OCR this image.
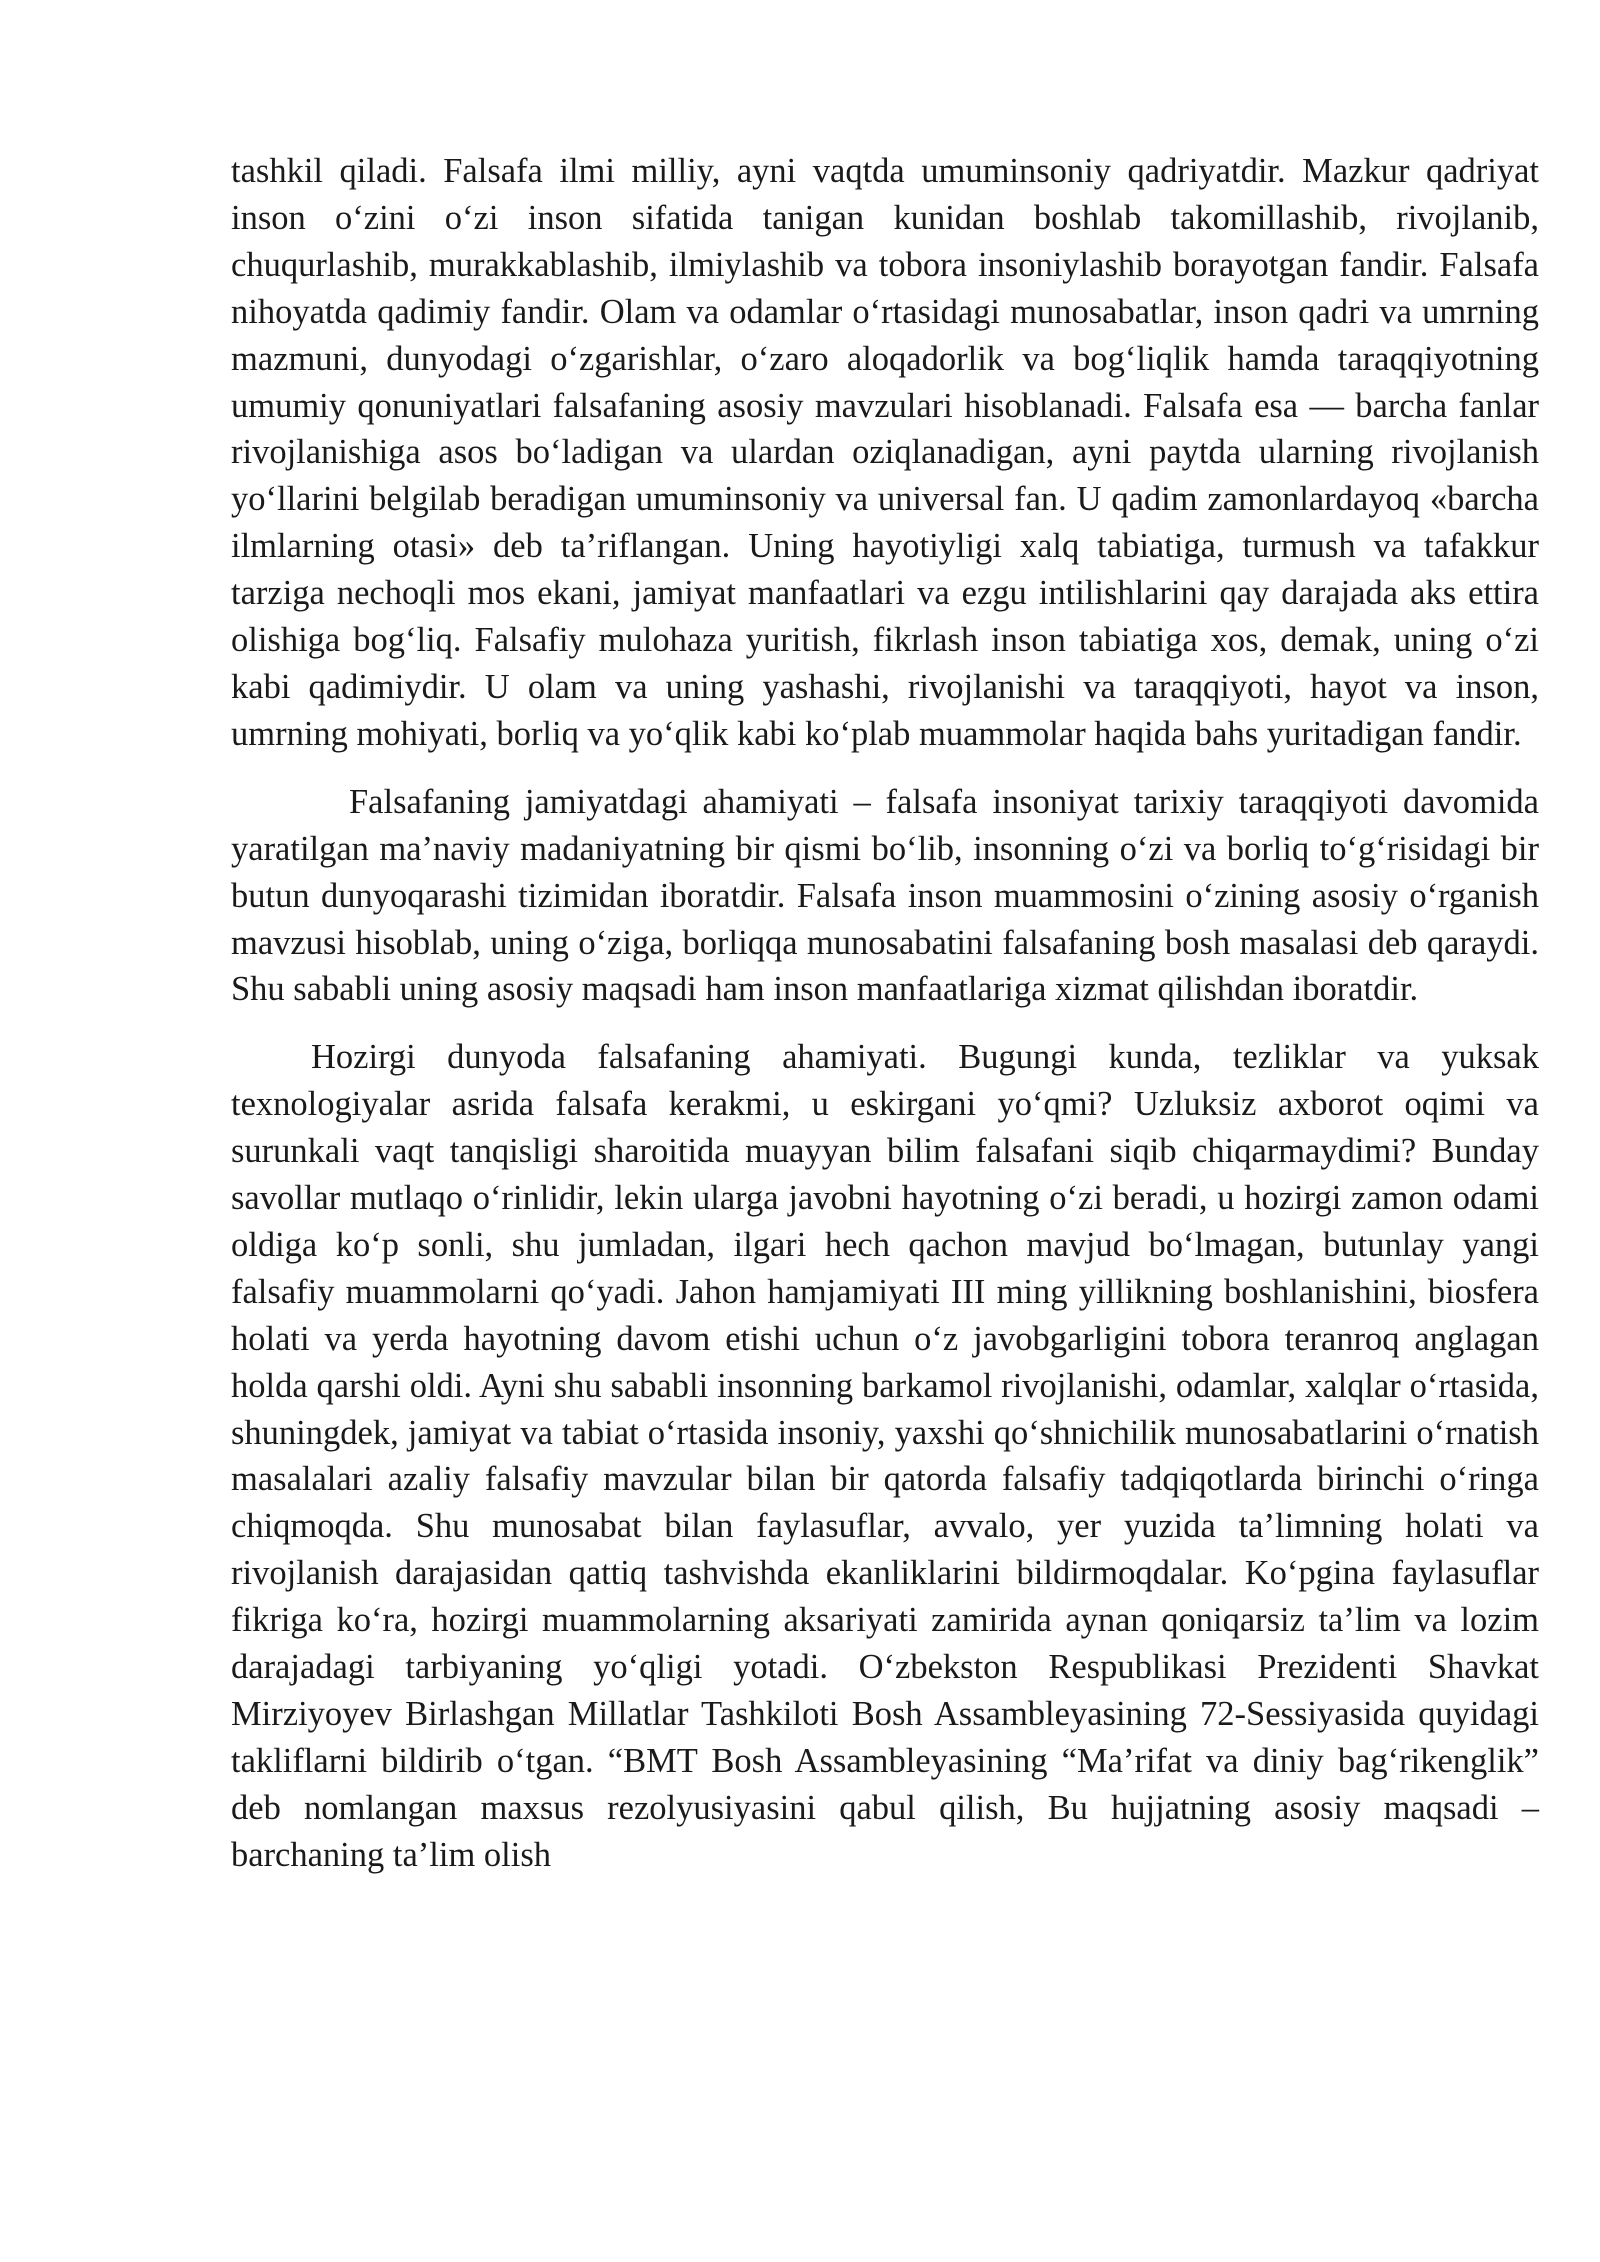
tashkil qiladi. Falsafa ilmi milliy, ayni vaqtda umuminsoniy qadriyatdir. Mazkur qadriyat inson o‘zini o‘zi inson sifatida tanigan kunidan boshlab takomillashib, rivojlanib, chuqurlashib, murakkablashib, ilmiylashib va tobora insoniylashib borayotgan fandir. Falsafa nihoyatda qadimiy fandir. Olam va odamlar o‘rtasidagi munosabatlar, inson qadri va umrning mazmuni, dunyodagi o‘zgarishlar, o‘zaro aloqadorlik va bog‘liqlik hamda taraqqiyotning umumiy qonuniyatlari falsafaning asosiy mavzulari hisoblanadi. Falsafa esa — barcha fanlar rivojlanishiga asos bo‘ladigan va ulardan oziqlanadigan, ayni paytda ularning rivojlanish yo‘llarini belgilab beradigan umuminsoniy va universal fan. U qadim zamonlardayoq «barcha ilmlarning otasi» deb ta’riflangan. Uning hayotiyligi xalq tabiatiga, turmush va tafakkur tarziga nechoqli mos ekani, jamiyat manfaatlari va ezgu intilishlarini qay darajada aks ettira olishiga bog‘liq. Falsafiy mulohaza yuritish, fikrlash inson tabiatiga xos, demak, uning o‘zi kabi qadimiydir. U olam va uning yashashi, rivojlanishi va taraqqiyoti, hayot va inson, umrning mohiyati, borliq va yo‘qlik kabi ko‘plab muammolar haqida bahs yuritadigan fandir.

Falsafaning jamiyatdagi ahamiyati – falsafa insoniyat tarixiy taraqqiyoti davomida yaratilgan ma’naviy madaniyatning bir qismi bo‘lib, insonning o‘zi va borliq to‘g‘risidagi bir butun dunyoqarashi tizimidan iboratdir. Falsafa inson muammosini o‘zining asosiy o‘rganish mavzusi hisoblab, uning o‘ziga, borliqqa munosabatini falsafaning bosh masalasi deb qaraydi. Shu sababli uning asosiy maqsadi ham inson manfaatlariga xizmat qilishdan iboratdir.

Hozirgi dunyoda falsafaning ahamiyati. Bugungi kunda, tezliklar va yuksak texnologiyalar asrida falsafa kerakmi, u eskirgani yo‘qmi? Uzluksiz axborot oqimi va surunkali vaqt tanqisligi sharoitida muayyan bilim falsafani siqib chiqarmaydimi? Bunday savollar mutlaqo o‘rinlidir, lekin ularga javobni hayotning o‘zi beradi, u hozirgi zamon odami oldiga ko‘p sonli, shu jumladan, ilgari hech qachon mavjud bo‘lmagan, butunlay yangi falsafiy muammolarni qo‘yadi. Jahon hamjamiyati III ming yillikning boshlanishini, biosfera holati va yerda hayotning davom etishi uchun o‘z javobgarligini tobora teranroq anglagan holda qarshi oldi. Ayni shu sababli insonning barkamol rivojlanishi, odamlar, xalqlar o‘rtasida, shuningdek, jamiyat va tabiat o‘rtasida insoniy, yaxshi qo‘shnichilik munosabatlarini o‘rnatish masalalari azaliy falsafiy mavzular bilan bir qatorda falsafiy tadqiqotlarda birinchi o‘ringa chiqmoqda. Shu munosabat bilan faylasuflar, avvalo, yer yuzida ta’limning holati va rivojlanish darajasidan qattiq tashvishda ekanliklarini bildirmoqdalar. Ko‘pgina faylasuflar fikriga ko‘ra, hozirgi muammolarning aksariyati zamirida aynan qoniqarsiz ta’lim va lozim darajadagi tarbiyaning yo‘qligi yotadi. O‘zbekston Respublikasi Prezidenti Shavkat Mirziyoyev Birlashgan Millatlar Tashkiloti Bosh Assambleyasining 72-Sessiyasida quyidagi takliflarni bildirib o‘tgan. “BMT Bosh Assambleyasining “Ma’rifat va diniy bag‘rikenglik” deb nomlangan maxsus rezolyusiyasini qabul qilish, Bu hujjatning asosiy maqsadi – barchaning ta’lim olish
